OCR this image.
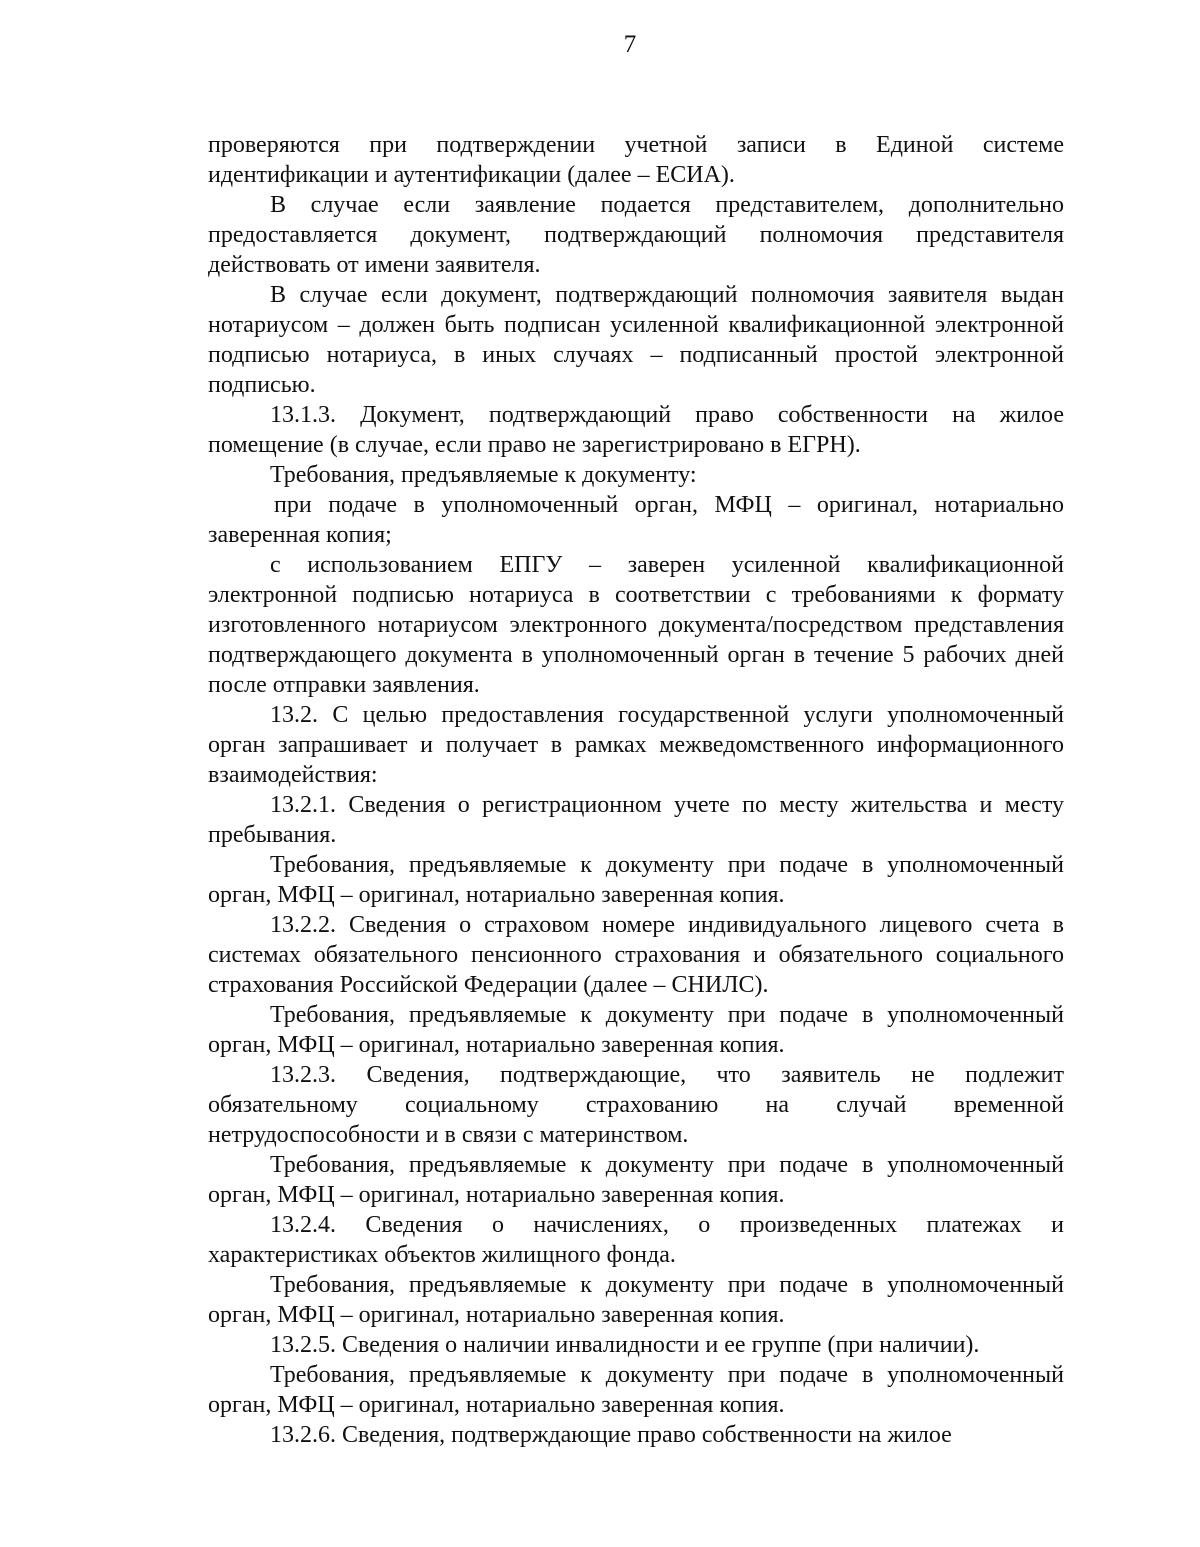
7

проверяются при подтверждении учетной записи в Единой системе идентификации и аутентификации (далее – ЕСИА).

В случае если заявление подается представителем, дополнительно предоставляется документ, подтверждающий полномочия представителя действовать от имени заявителя.

В случае если документ, подтверждающий полномочия заявителя выдан нотариусом – должен быть подписан усиленной квалификационной электронной подписью нотариуса, в иных случаях – подписанный простой электронной подписью.

13.1.3. Документ, подтверждающий право собственности на жилое помещение (в случае, если право не зарегистрировано в ЕГРН).

Требования, предъявляемые к документу:

при подаче в уполномоченный орган, МФЦ – оригинал, нотариально заверенная копия;

с использованием ЕПГУ – заверен усиленной квалификационной электронной подписью нотариуса в соответствии с требованиями к формату изготовленного нотариусом электронного документа/посредством представления подтверждающего документа в уполномоченный орган в течение 5 рабочих дней после отправки заявления.

13.2. С целью предоставления государственной услуги уполномоченный орган запрашивает и получает в рамках межведомственного информационного взаимодействия:

13.2.1. Сведения о регистрационном учете по месту жительства и месту пребывания.

Требования, предъявляемые к документу при подаче в уполномоченный орган, МФЦ – оригинал, нотариально заверенная копия.

13.2.2. Сведения о страховом номере индивидуального лицевого счета в системах обязательного пенсионного страхования и обязательного социального страхования Российской Федерации (далее – СНИЛС).

Требования, предъявляемые к документу при подаче в уполномоченный орган, МФЦ – оригинал, нотариально заверенная копия.

13.2.3. Сведения, подтверждающие, что заявитель не подлежит обязательному социальному страхованию на случай временной нетрудоспособности и в связи с материнством.

Требования, предъявляемые к документу при подаче в уполномоченный орган, МФЦ – оригинал, нотариально заверенная копия.

13.2.4. Сведения о начислениях, о произведенных платежах и характеристиках объектов жилищного фонда.

Требования, предъявляемые к документу при подаче в уполномоченный орган, МФЦ – оригинал, нотариально заверенная копия.

13.2.5. Сведения о наличии инвалидности и ее группе (при наличии).

Требования, предъявляемые к документу при подаче в уполномоченный орган, МФЦ – оригинал, нотариально заверенная копия.

13.2.6. Сведения, подтверждающие право собственности на жилое
